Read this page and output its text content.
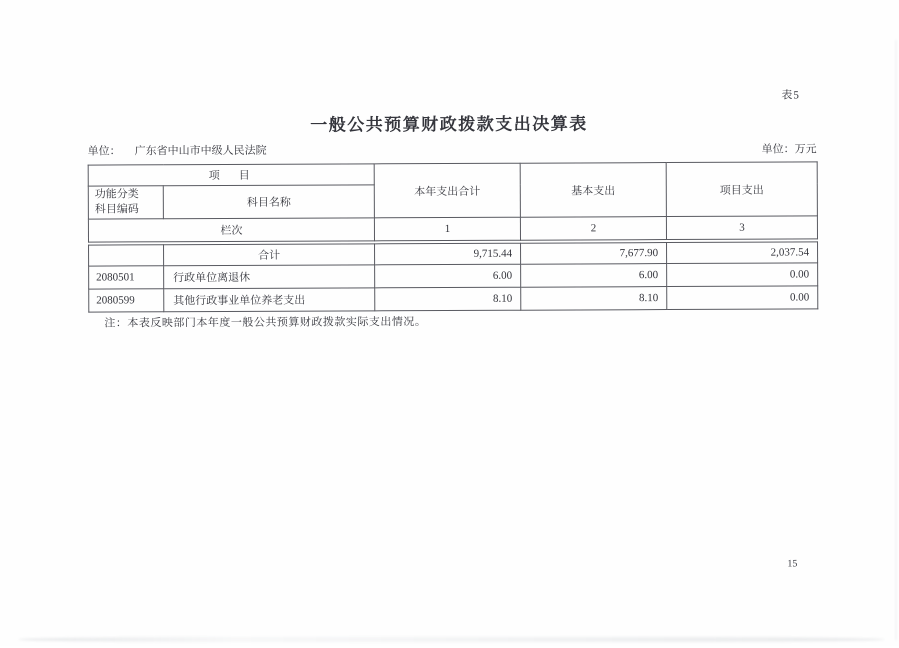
表5
一般公共预算财政拨款支出决算表
单位： 广东省中山市中级人民法院	单位：万元
项　目		本年支出合计	基本支出	项目支出
功能分类
科目编码	科目名称			
栏次		1	2	3
	合计	9,715.44	7,677.90	2,037.54
2080501	行政单位离退休	6.00	6.00	0.00
2080599	其他行政事业单位养老支出	8.10	8.10	0.00
注：本表反映部门本年度一般公共预算财政拨款实际支出情况。
15
